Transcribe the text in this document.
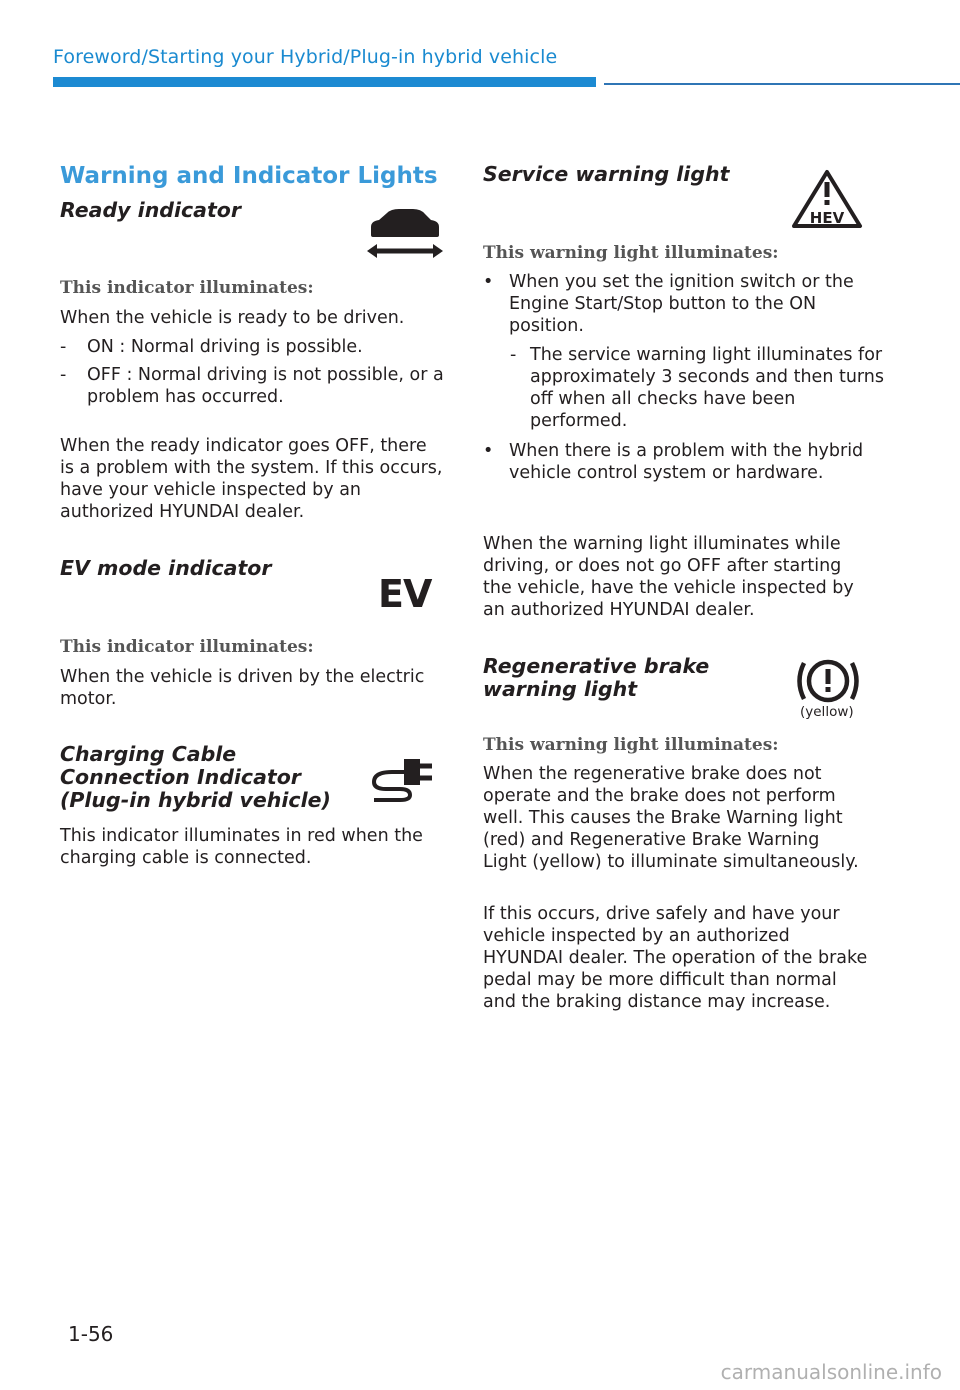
Foreword/Starting your Hybrid/Plug-in hybrid vehicle
Warning and Indicator Lights
Ready indicator

This indicator illuminates:

When the vehicle is ready to be driven.

- ON : Normal driving is possible.

- OFF : Normal driving is not possible, or a problem has occurred.

When the ready indicator goes OFF, there is a problem with the system. If this occurs, have your vehicle inspected by an authorized HYUNDAI dealer.

EV mode indicator
EV

This indicator illuminates:

When the vehicle is driven by the electric motor.

Charging Cable Connection Indicator (Plug-in hybrid vehicle)

This indicator illuminates in red when the charging cable is connected.

Service warning light
HEV

This warning light illuminates:

• When you set the ignition switch or the Engine Start/Stop button to the ON position.

- The service warning light illuminates for approximately 3 seconds and then turns off when all checks have been performed.

• When there is a problem with the hybrid vehicle control system or hardware.

When the warning light illuminates while driving, or does not go OFF after starting the vehicle, have the vehicle inspected by an authorized HYUNDAI dealer.

Regenerative brake warning light
(yellow)

This warning light illuminates:

When the regenerative brake does not operate and the brake does not perform well. This causes the Brake Warning light (red) and Regenerative Brake Warning Light (yellow) to illuminate simultaneously.

If this occurs, drive safely and have your vehicle inspected by an authorized HYUNDAI dealer. The operation of the brake pedal may be more difficult than normal and the braking distance may increase.

1-56
carmanualsonline.info
